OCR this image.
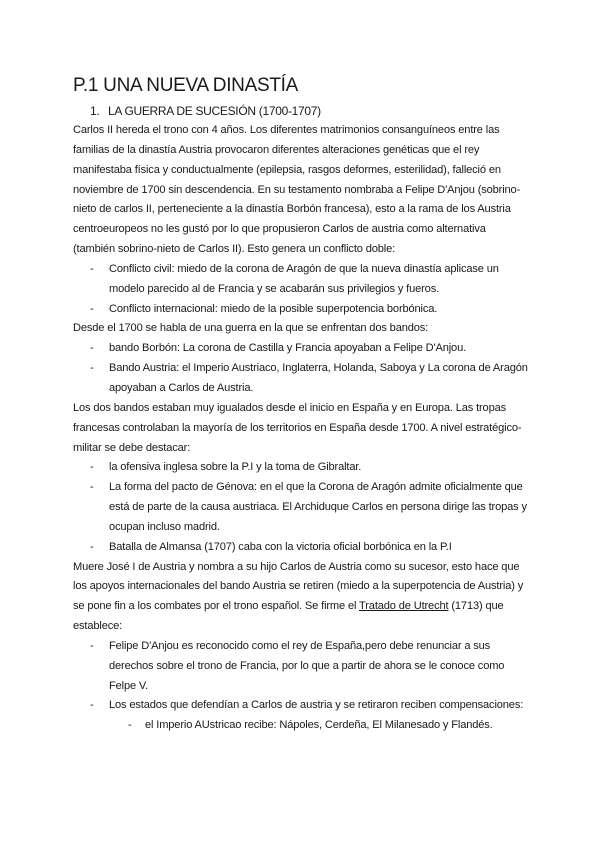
P.1 UNA NUEVA DINASTÍA
1. LA GUERRA DE SUCESIÓN (1700-1707)

Carlos II hereda el trono con 4 años. Los diferentes matrimonios consanguíneos entre las familias de la dinastía Austria provocaron diferentes alteraciones genéticas que el rey manifestaba física y conductualmente (epilepsia, rasgos deformes, esterilidad), falleció en noviembre de 1700 sin descendencia. En su testamento nombraba a Felipe D'Anjou (sobrino-nieto de carlos II, perteneciente a la dinastía Borbón francesa), esto a la rama de los Austria centroeuropeos no les gustó por lo que propusieron Carlos de austria como alternativa (también sobrino-nieto de Carlos II). Esto genera un conflicto doble:

- Conflicto civil: miedo de la corona de Aragón de que la nueva dinastía aplicase un modelo parecido al de Francia y se acabarán sus privilegios y fueros.
- Conflicto internacional: miedo de la posible superpotencia borbónica.

Desde el 1700 se habla de una guerra en la que se enfrentan dos bandos:

- bando Borbón: La corona de Castilla y Francia apoyaban a Felipe D'Anjou.
- Bando Austria: el Imperio Austriaco, Inglaterra, Holanda, Saboya y La corona de Aragón apoyaban a Carlos de Austria.

Los dos bandos estaban muy igualados desde el inicio en España y en Europa. Las tropas francesas controlaban la mayoría de los territorios en España desde 1700. A nivel estratégico-militar se debe destacar:

- la ofensiva inglesa sobre la P.I y la toma de Gibraltar.
- La forma del pacto de Génova: en el que la Corona de Aragón admite oficialmente que está de parte de la causa austriaca. El Archiduque Carlos en persona dirige las tropas y ocupan incluso madrid.
- Batalla de Almansa (1707) caba con la victoria oficial borbónica en la P.I

Muere José I de Austria y nombra a su hijo Carlos de Austria como su sucesor, esto hace que los apoyos internacionales del bando Austria se retiren (miedo a la superpotencia de Austria) y se pone fin a los combates por el trono español. Se firme el Tratado de Utrecht (1713) que establece:

- Felipe D'Anjou es reconocido como el rey de España,pero debe renunciar a sus derechos sobre el trono de Francia, por lo que a partir de ahora se le conoce como Felpe V.
- Los estados que defendían a Carlos de austria y se retiraron reciben compensaciones:
- el Imperio AUstricao recibe: Nápoles, Cerdeña, El Milanesado y Flandés.
